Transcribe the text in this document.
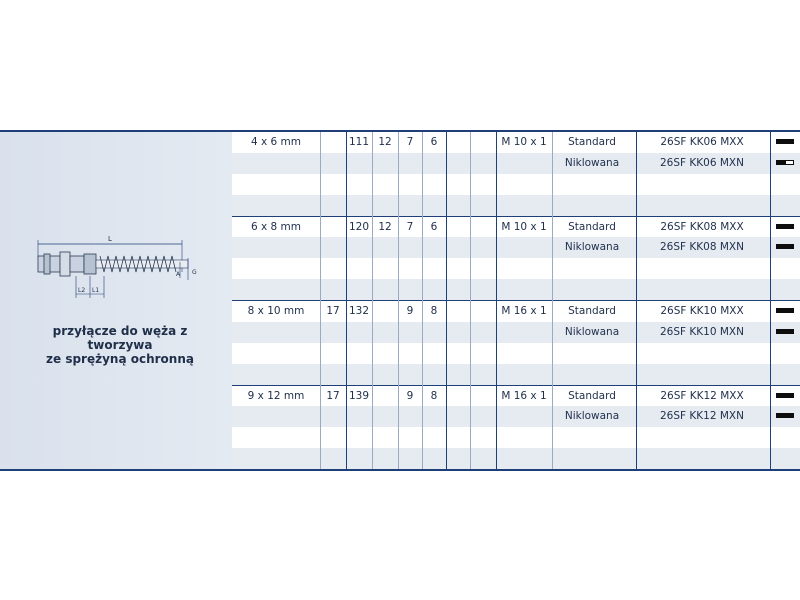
L
A G
L2 L1
przyłącze do węża z tworzywa
ze sprężyną ochronną
4 x 6 mm	111 12	7	6	M 10 x 1	Standard	26SF KK06 MXX
Niklowana	26SF KK06 MXN
6 x 8 mm	120 12	7	6	M 10 x 1	Standard	26SF KK08 MXX
Niklowana	26SF KK08 MXN
8 x 10 mm	17 132	9	8	M 16 x 1	Standard	26SF KK10 MXX
Niklowana	26SF KK10 MXN
9 x 12 mm	17 139	9	8	M 16 x 1	Standard	26SF KK12 MXX
Niklowana	26SF KK12 MXN
